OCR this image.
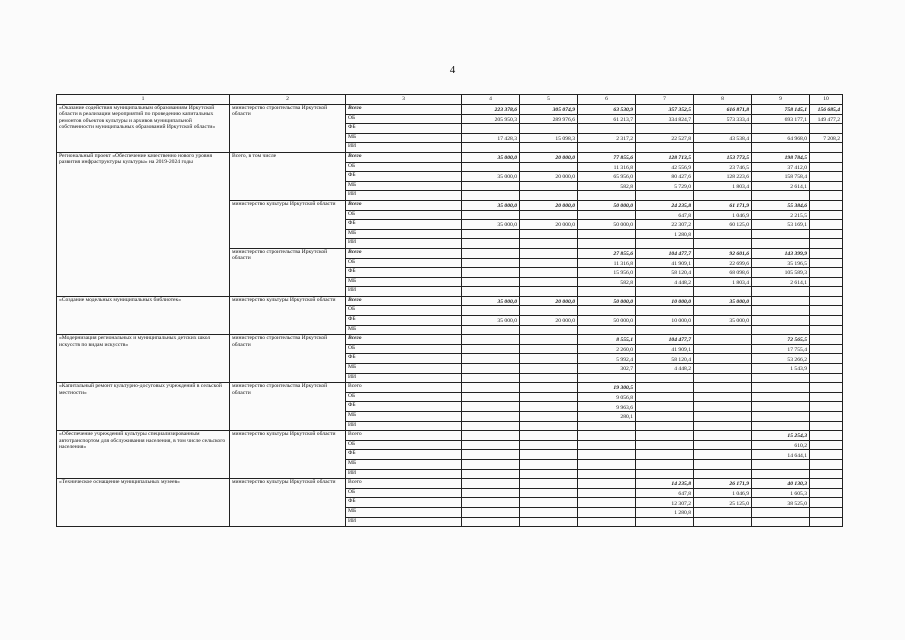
4
1	2	3	4	5	6	7	8	9	10
«Оказание содействия муниципальным образованиям Иркутской области в реализации мероприятий по проведению капитальных ремонтов объектов культуры и архивов муниципальной собственности муниципальных образований Иркутской области»	министерство строительства Иркутской области	Всего	223 378,6	305 074,9	63 530,9	357 352,5	616 871,8	758 145,1	156 685,4
		ОБ	205 950,3	289 976,6	61 213,7	334 824,7	573 333,4	693 177,1	149 477,2
		ФБ							
		МБ	17 428,3	15 098,3	2 317,2	22 527,8	43 538,4	64 968,0	7 208,2
		ИИ							
Региональный проект «Обеспечение качественно нового уровня развития инфраструктуры культуры» на 2019-2024 годы	Всего, в том числе	Всего	35 000,0	20 000,0	77 855,6	128 713,5	153 773,5	198 784,5	
		ОБ			11 316,8	42 556,9	23 746,5	37 412,0	
		ФБ	35 000,0	20 000,0	65 956,0	80 427,6	128 223,6	158 758,4	
		МБ			582,8	5 729,0	1 803,4	2 614,1	
		ИИ							
	министерство культуры Иркутской области	Всего	35 000,0	20 000,0	50 000,0	24 235,8	61 171,9	55 384,6	
		ОБ				647,8	1 046,9	2 215,5	
		ФБ	35 000,0	20 000,0	50 000,0	22 307,2	60 125,0	53 169,1	
		МБ				1 280,8			
		ИИ							
	министерство строительства Иркутской области	Всего			27 855,6	104 477,7	92 601,6	143 399,9	
		ОБ			11 316,8	41 909,1	22 699,6	35 196,5	
		ФБ			15 956,0	58 120,4	68 098,6	105 589,3	
		МБ			582,8	4 448,2	1 803,4	2 614,1	
		ИИ							
«Создание модельных муниципальных библиотек»	министерство культуры Иркутской области	Всего	35 000,0	20 000,0	50 000,0	10 000,0	35 000,0		
		ОБ							
		ФБ	35 000,0	20 000,0	50 000,0	10 000,0	35 000,0		
		МБ							
«Модернизация региональных и муниципальных детских школ искусств по видам искусств»	министерство строительства Иркутской области	Всего			8 555,1	104 477,7		72 565,5	
		ОБ			2 260,0	41 909,1		17 755,4	
		ФБ			5 992,4	58 120,4		53 266,2	
		МБ			302,7	4 448,2		1 543,9	
		ИИ							
«Капитальный ремонт культурно-досуговых учреждений в сельской местности»	министерство строительства Иркутской области	Всего			19 300,5				
		ОБ			9 056,8				
		ФБ			9 963,6				
		МБ			280,1				
		ИИ							
«Обеспечение учреждений культуры специализированным автотранспортом для обслуживания населения, в том числе сельского населения»	министерство культуры Иркутской области	Всего						15 254,3	
		ОБ						610,2	
		ФБ						14 644,1	
		МБ							
		ИИ							
«Техническое оснащение муниципальных музеев»	министерство культуры Иркутской области	Всего				14 235,8	26 171,9	40 130,3	
		ОБ				647,8	1 046,9	1 605,3	
		ФБ				12 307,2	25 125,0	38 525,0	
		МБ				1 280,8			
		ИИ							
